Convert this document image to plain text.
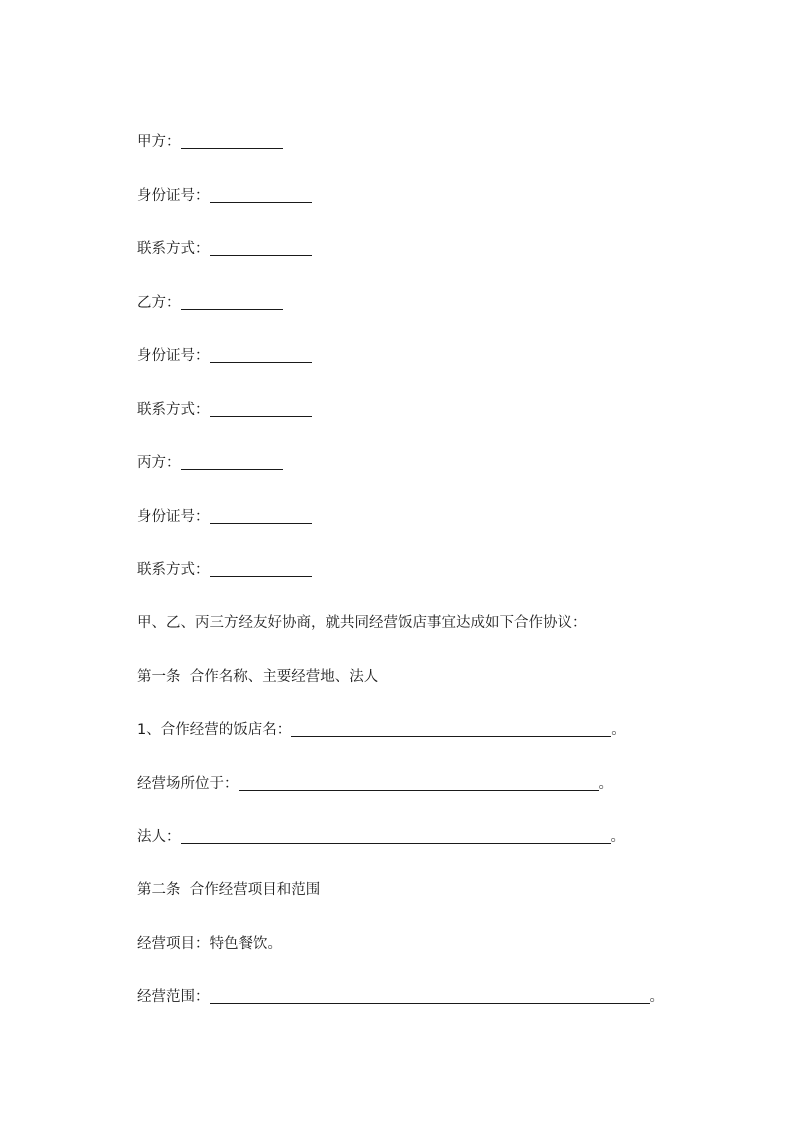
甲方：
身份证号：
联系方式：
乙方：
身份证号：
联系方式：
丙方：
身份证号：
联系方式：
甲、乙、丙三方经友好协商，就共同经营饭店事宜达成如下合作协议：
第一条  合作名称、主要经营地、法人
1、合作经营的饭店名：	。
经营场所位于：	。
法人：	。
第二条  合作经营项目和范围
经营项目：特色餐饮。
经营范围：	。
